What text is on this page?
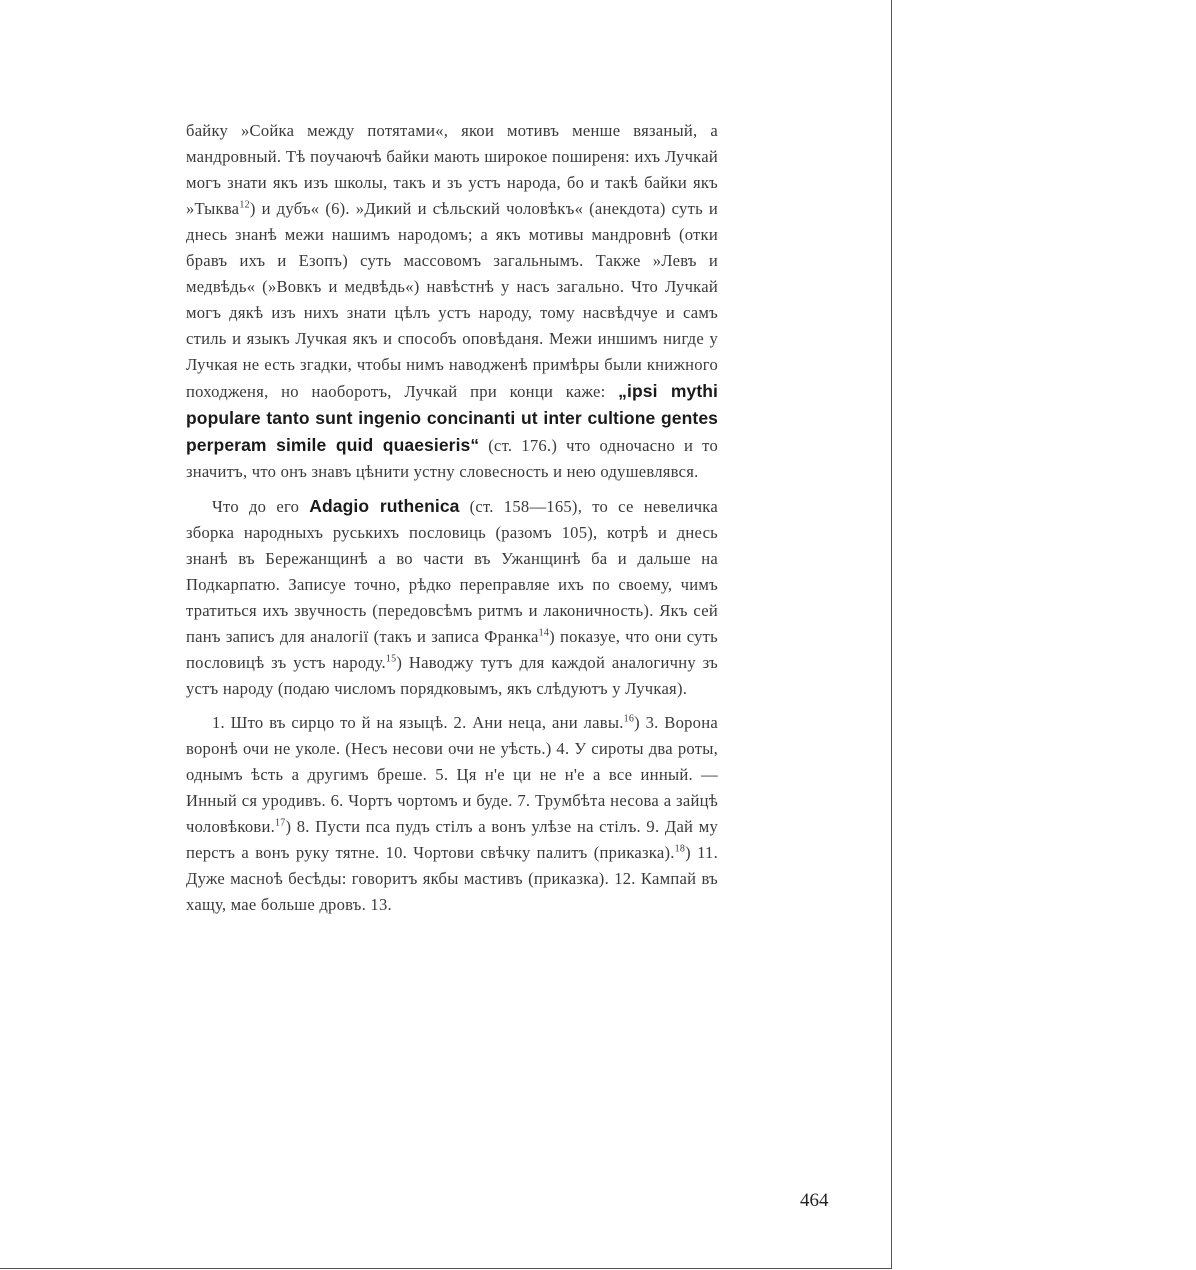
байку »Сойка между потятами«, якои мотивъ менше вязаный, а мандровный. Тѣ поучаючѣ байки мають широкое поширеня: ихъ Лучкай могъ знати якъ изъ школы, такъ и зъ устъ народа, бо и такѣ байки якъ »Тыква$^{12}$) и дубъ« (6). »Дикий и сѣльский чоловѣкъ« (анекдота) суть и днесь знанѣ межи нашимъ народомъ; а якъ мотивы мандровнѣ (отки бравъ ихъ и Езопъ) суть массовомъ загальнымъ. Также »Левъ и медвѣдь« (»Вовкъ и медвѣдь«) навѣстнѣ у насъ загально. Что Лучкай могъ дякѣ изъ нихъ знати цѣлъ устъ народу, тому насвѣдчуе и самъ стиль и языкъ Лучкая якъ и способъ оповѣданя. Межи иншимъ нигде у Лучкая не есть згадки, чтобы нимъ наводженѣ примѣры были книжного походженя, но наоборотъ, Лучкай при конци каже: „ipsi mythi populare tanto sunt ingenio concinanti ut inter cultione gentes perperam simile quid quaesieris“ (ст. 176.) что одночасно и то значитъ, что онъ знавъ цѣнити устну словесность и нею одушевлявся.

Что до его Adagio ruthenica (ст. 158—165), то се невеличка зборка народныхъ руськихъ пословиць (разомъ 105), котрѣ и днесь знанѣ въ Бережанщинѣ а во части въ Ужанщинѣ ба и дальше на Подкарпатю. Записуе точно, рѣдко переправляе ихъ по своему, чимъ тратиться ихъ звучность (передовсѣмъ ритмъ и лаконичность). Якъ сей панъ записъ для аналогії (такъ и записа Франка$^{14}$) показуе, что они суть пословицѣ зъ устъ народу.$^{15}$) Наводжу тутъ для каждой аналогичну зъ устъ народу (подаю числомъ порядковымъ, якъ слѣдуютъ у Лучкая).

1. Што въ сирцо то й на языцѣ. 2. Ани неца, ани лавы.$^{16}$) 3. Ворона воронѣ очи не уколе. (Несъ несови очи не уѣсть.) 4. У сироты два роты, однымъ ѣсть а другимъ бреше. 5. Ця н'е ци не н'е а все инный. — Инный ся уродивъ. 6. Чортъ чортомъ и буде. 7. Трумбѣта несова а зайцѣ чоловѣкови.$^{17}$) 8. Пусти пса пудъ стілъ а вонъ улѣзе на стілъ. 9. Дай му перстъ а вонъ руку тятне. 10. Чортови свѣчку палитъ (приказка).$^{18}$) 11. Дуже масноѣ бесѣды: говоритъ якбы мастивъ (приказка). 12. Кампай въ хащу, мае больше дровъ. 13.

464
